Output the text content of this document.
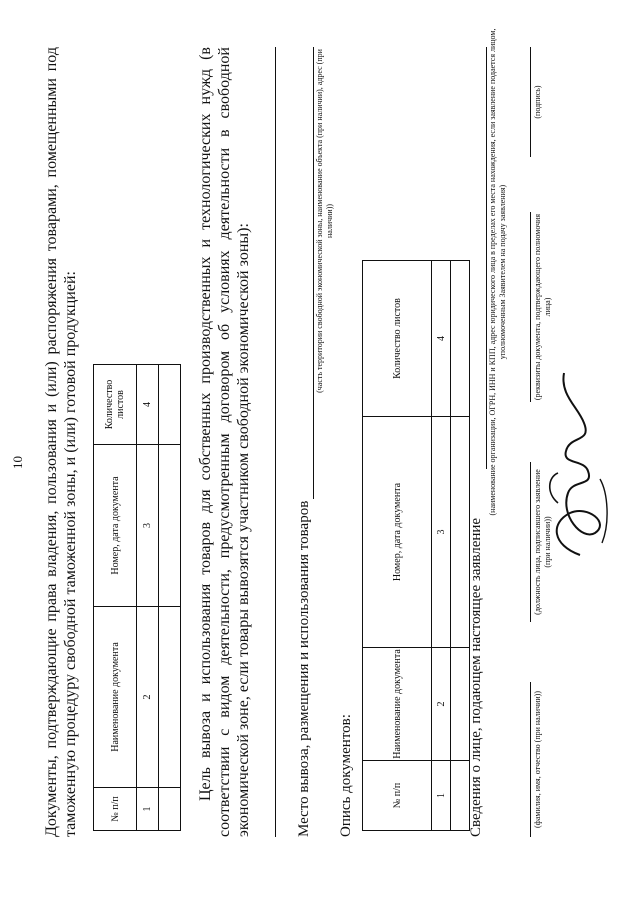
10 Документы, подтверждающие права владения, пользования и (или) распоряжения товарами, помещенными под таможенную процедуру свободной таможенной зоны, и (или) готовой продукцией:	№ п/п	Наименование документа	Номер, дата документа	Количество листов
1	2	3	4
				Цель вывоза и использования товаров для собственных производственных и технологических нужд (в соответствии с видом деятельности, предусмотренным договором об условиях деятельности в свободной экономической зоне, если товары вывозятся участником свободной экономической зоны):	Место вывоза, размещения и использования товаров
(часть территории свободной экономической зоны, наименование объекта (при наличии), адрес (при наличии))
Опись документов:	№ п/п	Наименование документа	Номер, дата документа	Количество листов
1	2	3	4

Сведения о лице, подающем настоящее заявление
(наименование организации, ОГРН, ИНН и КПП, адрес юридического лица в пределах его места нахождения, если заявление подается лицом, уполномоченным Заявителем на подачу заявления)
(фамилия, имя, отчество (при наличии))
(должность лица, подписавшего заявление (при наличии))
(реквизиты документа, подтверждающего полномочия лица)
(подпись)
